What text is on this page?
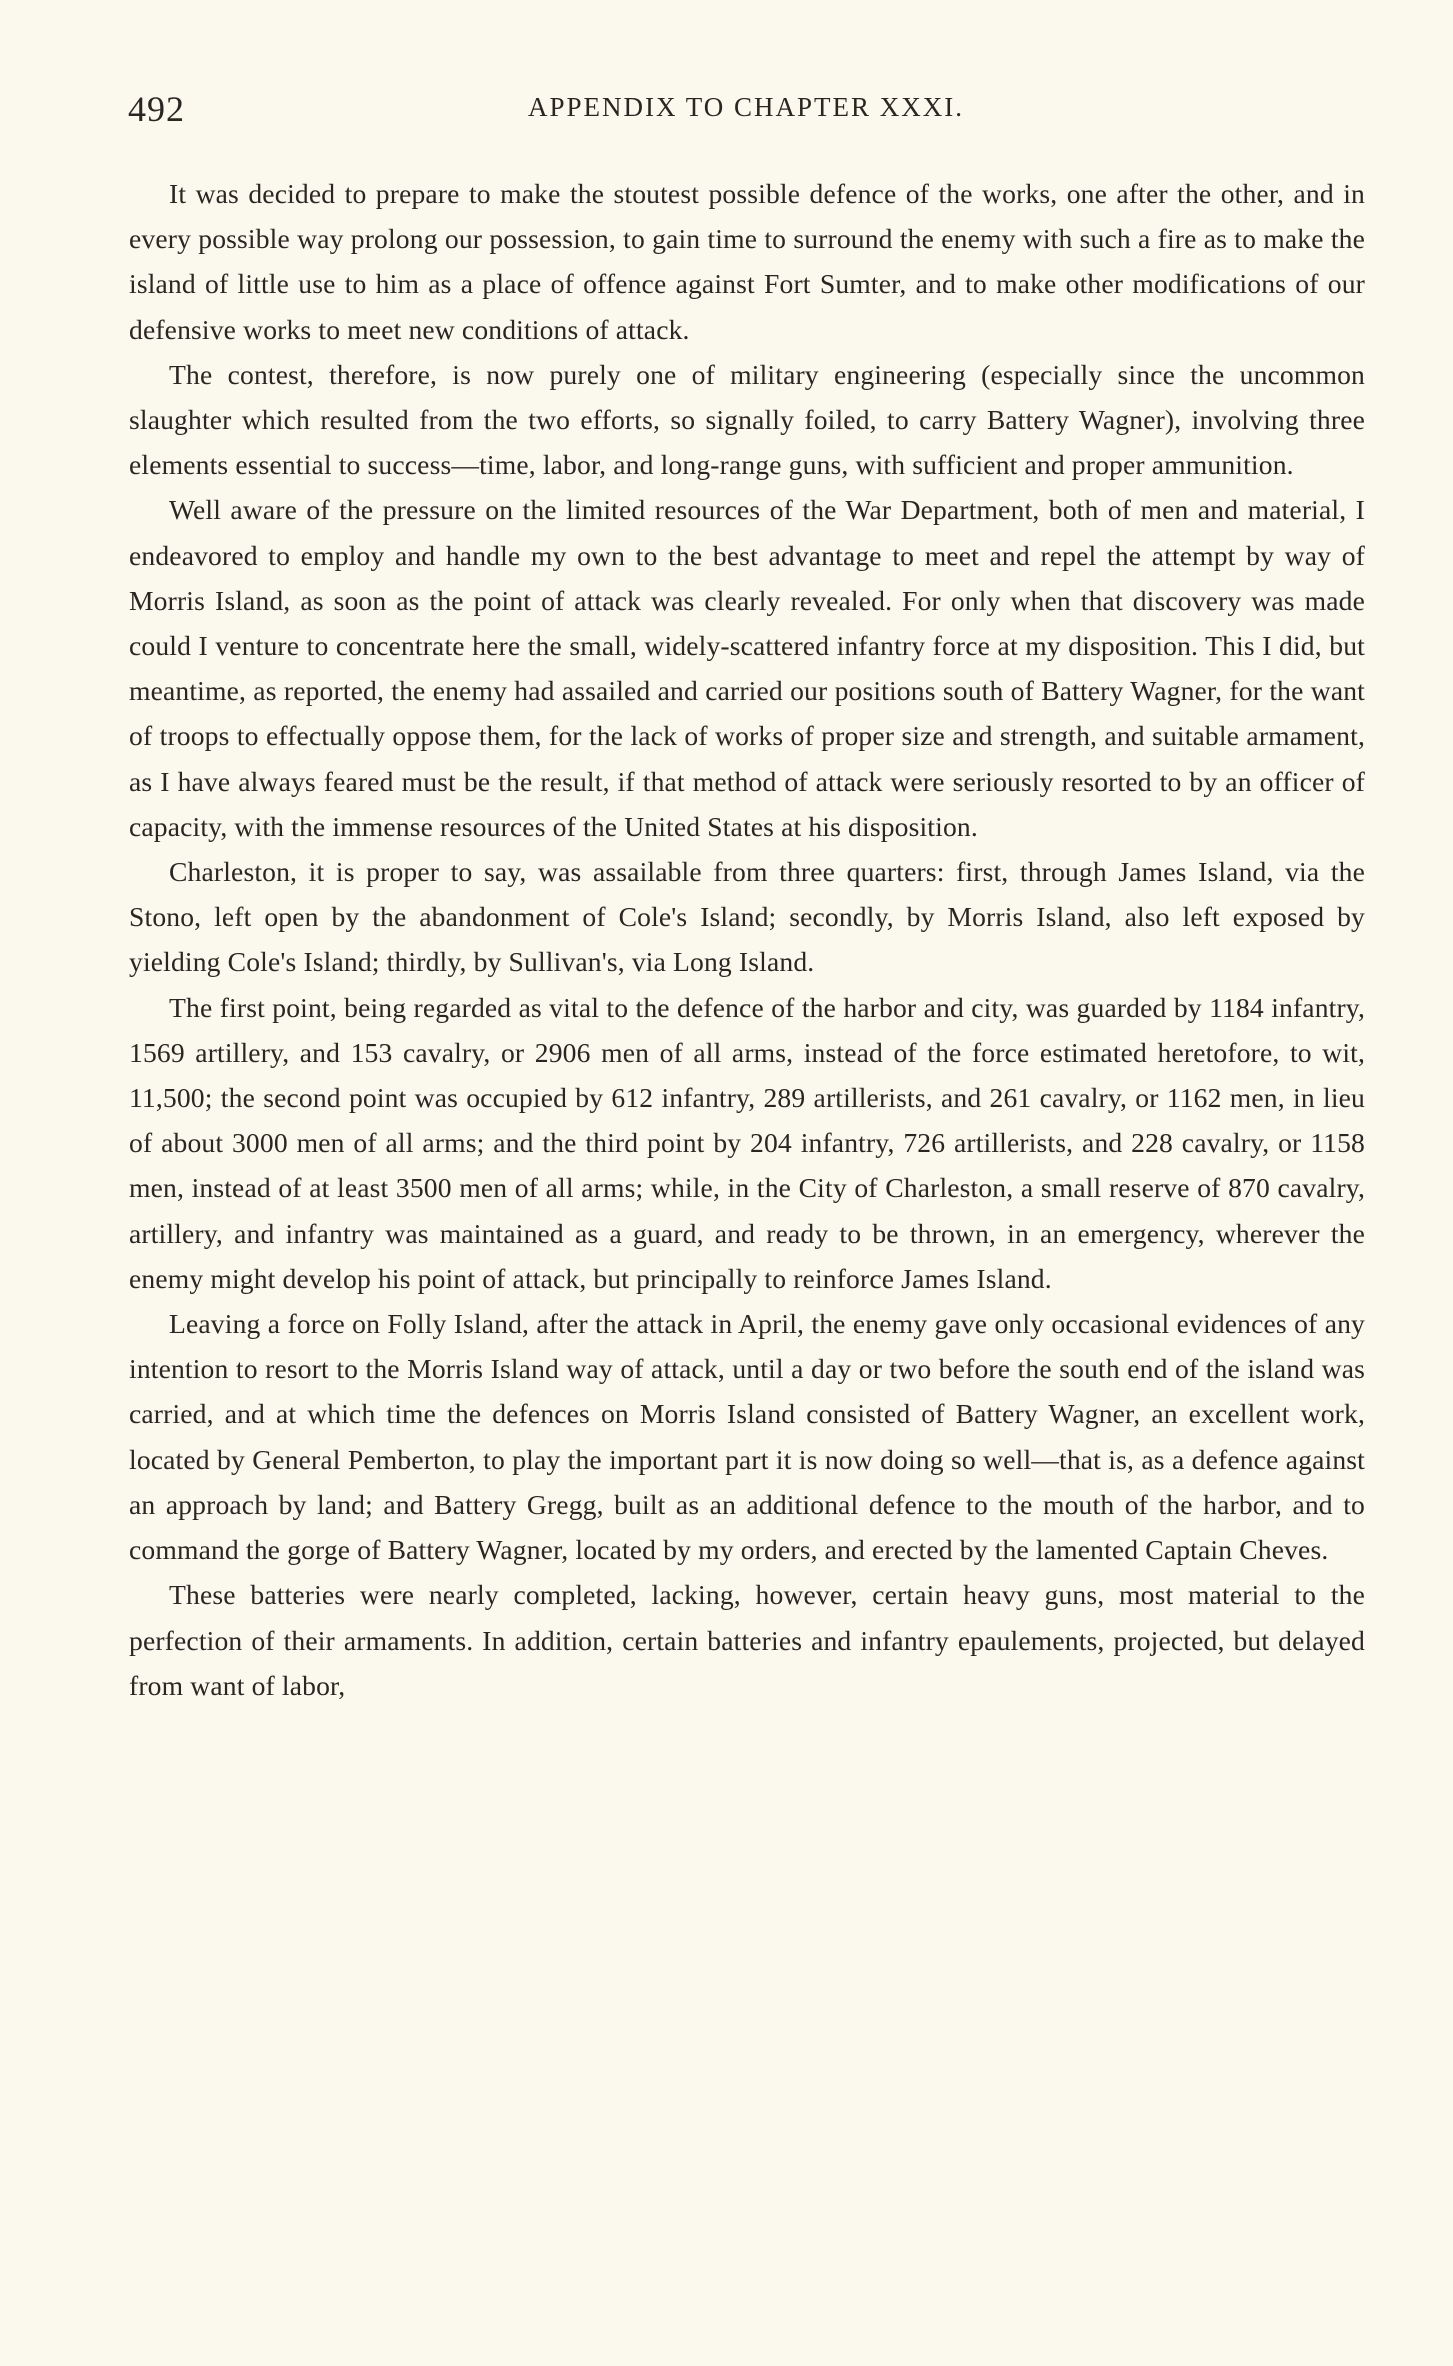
492	APPENDIX TO CHAPTER XXXI.

It was decided to prepare to make the stoutest possible defence of the works, one after the other, and in every possible way prolong our possession, to gain time to surround the enemy with such a fire as to make the island of little use to him as a place of offence against Fort Sumter, and to make other modifications of our defensive works to meet new conditions of attack.

The contest, therefore, is now purely one of military engineering (especially since the uncommon slaughter which resulted from the two efforts, so signally foiled, to carry Battery Wagner), involving three elements essential to success—time, labor, and long-range guns, with sufficient and proper ammunition.

Well aware of the pressure on the limited resources of the War Department, both of men and material, I endeavored to employ and handle my own to the best advantage to meet and repel the attempt by way of Morris Island, as soon as the point of attack was clearly revealed. For only when that discovery was made could I venture to concentrate here the small, widely-scattered infantry force at my disposition. This I did, but meantime, as reported, the enemy had assailed and carried our positions south of Battery Wagner, for the want of troops to effectually oppose them, for the lack of works of proper size and strength, and suitable armament, as I have always feared must be the result, if that method of attack were seriously resorted to by an officer of capacity, with the immense resources of the United States at his disposition.

Charleston, it is proper to say, was assailable from three quarters: first, through James Island, via the Stono, left open by the abandonment of Cole's Island; secondly, by Morris Island, also left exposed by yielding Cole's Island; thirdly, by Sullivan's, via Long Island.

The first point, being regarded as vital to the defence of the harbor and city, was guarded by 1184 infantry, 1569 artillery, and 153 cavalry, or 2906 men of all arms, instead of the force estimated heretofore, to wit, 11,500; the second point was occupied by 612 infantry, 289 artillerists, and 261 cavalry, or 1162 men, in lieu of about 3000 men of all arms; and the third point by 204 infantry, 726 artillerists, and 228 cavalry, or 1158 men, instead of at least 3500 men of all arms; while, in the City of Charleston, a small reserve of 870 cavalry, artillery, and infantry was maintained as a guard, and ready to be thrown, in an emergency, wherever the enemy might develop his point of attack, but principally to reinforce James Island.

Leaving a force on Folly Island, after the attack in April, the enemy gave only occasional evidences of any intention to resort to the Morris Island way of attack, until a day or two before the south end of the island was carried, and at which time the defences on Morris Island consisted of Battery Wagner, an excellent work, located by General Pemberton, to play the important part it is now doing so well—that is, as a defence against an approach by land; and Battery Gregg, built as an additional defence to the mouth of the harbor, and to command the gorge of Battery Wagner, located by my orders, and erected by the lamented Captain Cheves.

These batteries were nearly completed, lacking, however, certain heavy guns, most material to the perfection of their armaments. In addition, certain batteries and infantry epaulements, projected, but delayed from want of labor,
